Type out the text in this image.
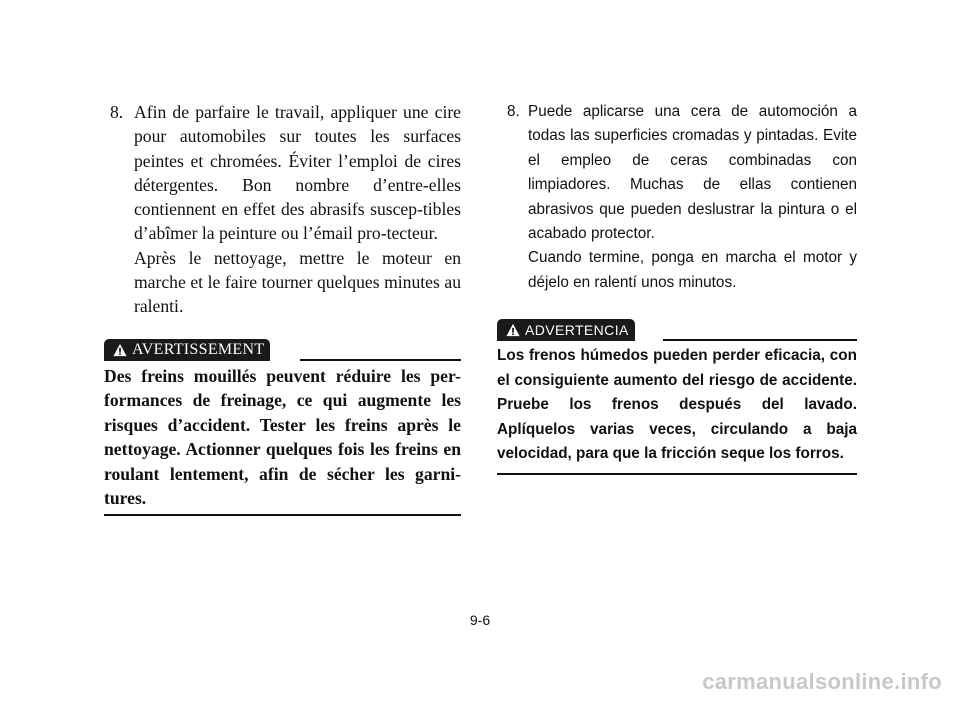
8. Afin de parfaire le travail, appliquer une cire pour automobiles sur toutes les surfaces peintes et chromées. Éviter l’emploi de cires détergentes. Bon nombre d’entre-elles contiennent en effet des abrasifs suscep-tibles d’abîmer la peinture ou l’émail pro-tecteur.

Après le nettoyage, mettre le moteur en marche et le faire tourner quelques minutes au ralenti.

AVERTISSEMENT

Des freins mouillés peuvent réduire les per-formances de freinage, ce qui augmente les risques d’accident. Tester les freins après le nettoyage. Actionner quelques fois les freins en roulant lentement, afin de sécher les garni-tures.

8. Puede aplicarse una cera de automoción a todas las superficies cromadas y pintadas. Evite el empleo de ceras combinadas con limpiadores. Muchas de ellas contienen abrasivos que pueden deslustrar la pintura o el acabado protector.

Cuando termine, ponga en marcha el motor y déjelo en ralentí unos minutos.

ADVERTENCIA

Los frenos húmedos pueden perder eficacia, con el consiguiente aumento del riesgo de accidente. Pruebe los frenos después del lavado. Aplíquelos varias veces, circulando a baja velocidad, para que la fricción seque los forros.

9-6
carmanualsonline.info
